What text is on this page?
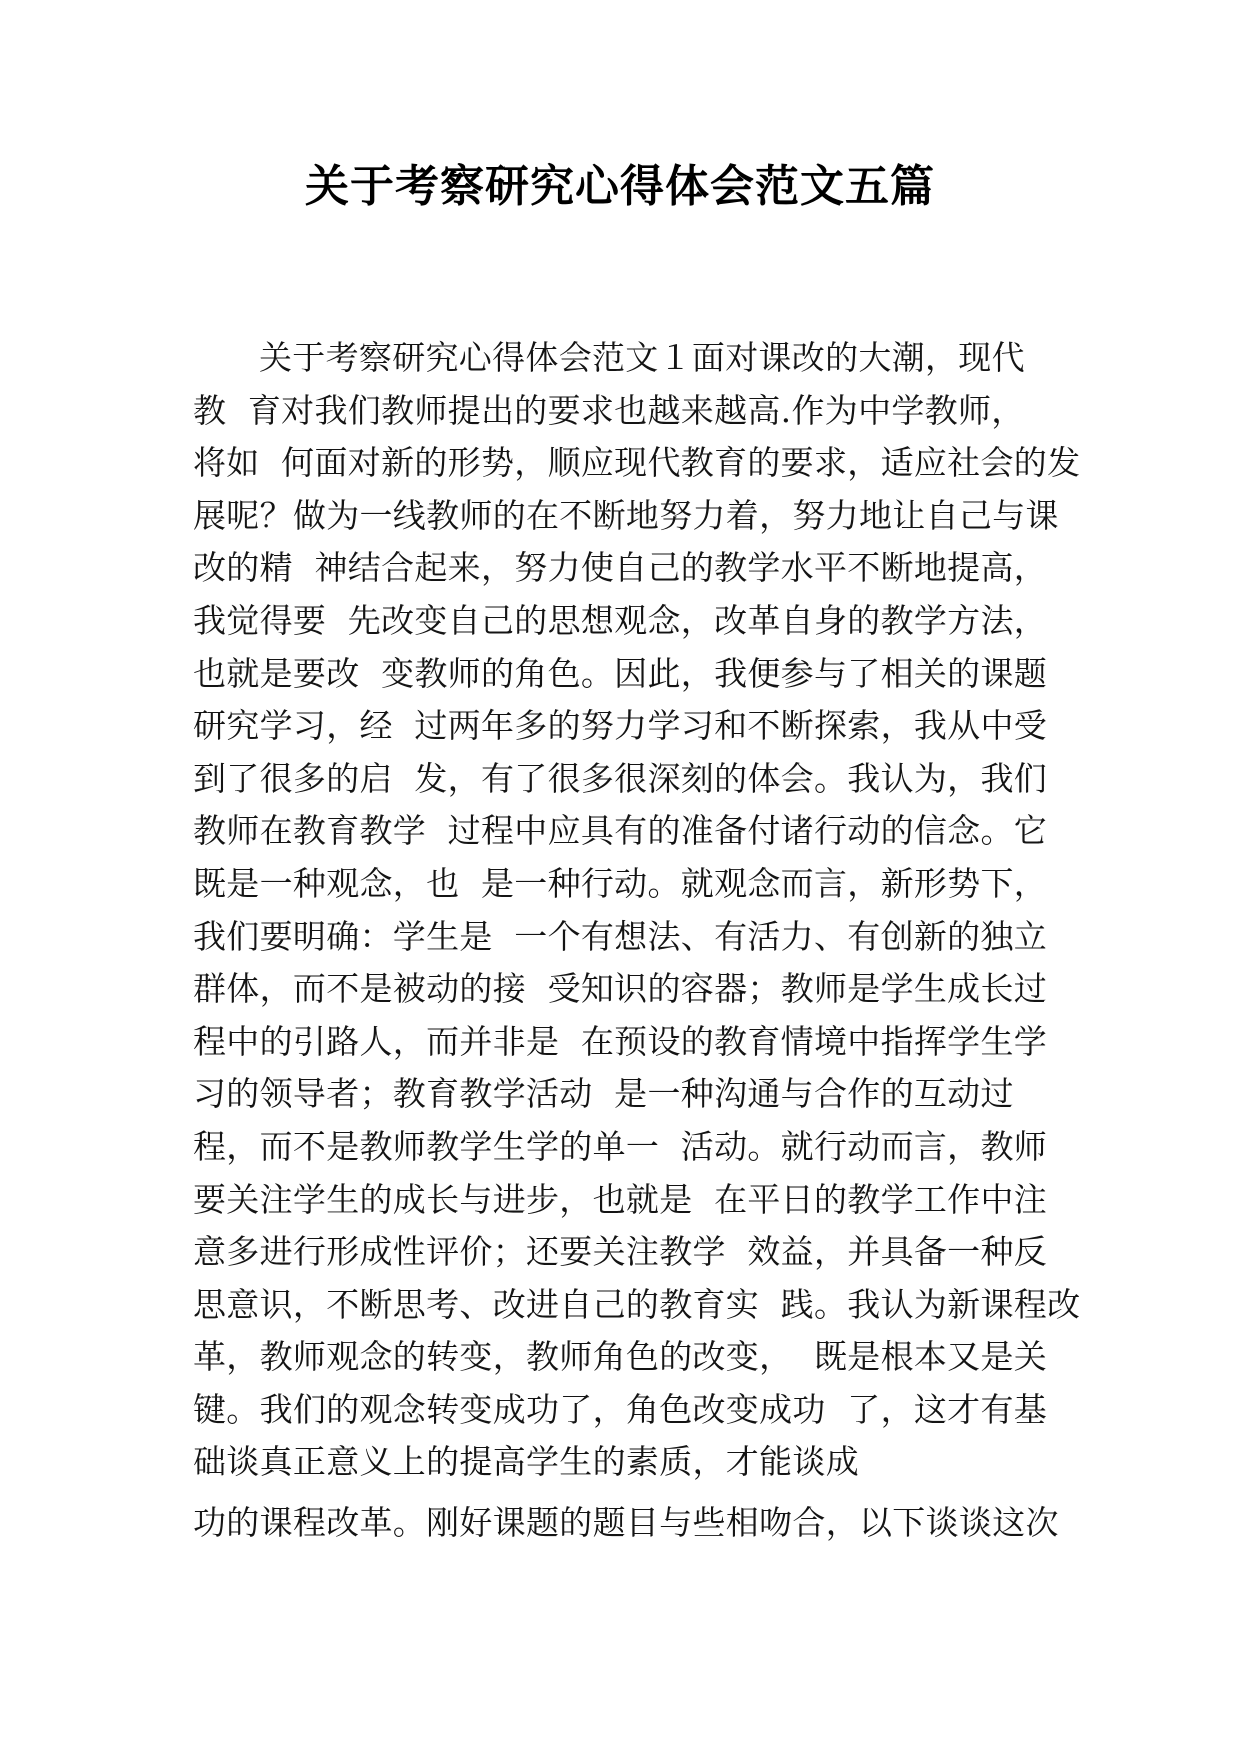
关于考察研究心得体会范文五篇
关于考察研究心得体会范文１面对课改的大潮，现代
教  育对我们教师提出的要求也越来越高.作为中学教师，
将如  何面对新的形势，顺应现代教育的要求，适应社会的发
展呢？做为一线教师的在不断地努力着，努力地让自己与课
改的精  神结合起来，努力使自己的教学水平不断地提高，
我觉得要  先改变自己的思想观念，改革自身的教学方法，
也就是要改  变教师的角色。因此，我便参与了相关的课题
研究学习，经  过两年多的努力学习和不断探索，我从中受
到了很多的启  发，有了很多很深刻的体会。我认为，我们
教师在教育教学  过程中应具有的准备付诸行动的信念。它
既是一种观念，也  是一种行动。就观念而言，新形势下，
我们要明确：学生是  一个有想法、有活力、有创新的独立
群体，而不是被动的接  受知识的容器；教师是学生成长过
程中的引路人，而并非是  在预设的教育情境中指挥学生学
习的领导者；教育教学活动  是一种沟通与合作的互动过
程，而不是教师教学生学的单一  活动。就行动而言，教师
要关注学生的成长与进步，也就是  在平日的教学工作中注
意多进行形成性评价；还要关注教学  效益，并具备一种反
思意识，不断思考、改进自己的教育实  践。我认为新课程改
革，教师观念的转变，教师角色的改变，  既是根本又是关
键。我们的观念转变成功了，角色改变成功  了，这才有基
础谈真正意义上的提高学生的素质，才能谈成
功的课程改革。刚好课题的题目与些相吻合，以下谈谈这次
